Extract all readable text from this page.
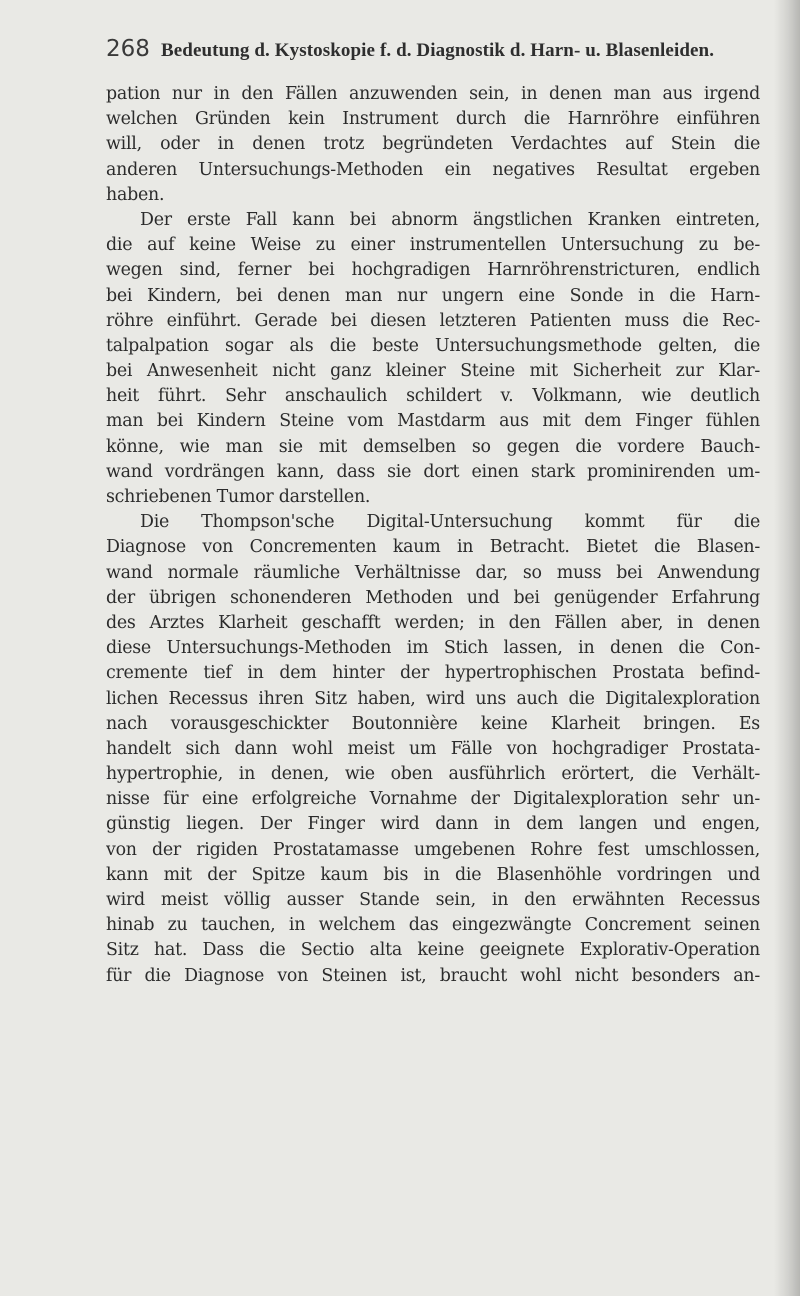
268 Bedeutung d. Kystoskopie f. d. Diagnostik d. Harn- u. Blasenleiden.
pation nur in den Fällen anzuwenden sein, in denen man aus irgend
welchen Gründen kein Instrument durch die Harnröhre einführen
will, oder in denen trotz begründeten Verdachtes auf Stein die
anderen Untersuchungs-Methoden ein negatives Resultat ergeben
haben.
Der erste Fall kann bei abnorm ängstlichen Kranken eintreten,
die auf keine Weise zu einer instrumentellen Untersuchung zu be-
wegen sind, ferner bei hochgradigen Harnröhrenstricturen, endlich
bei Kindern, bei denen man nur ungern eine Sonde in die Harn-
röhre einführt. Gerade bei diesen letzteren Patienten muss die Rec-
talpalpation sogar als die beste Untersuchungsmethode gelten, die
bei Anwesenheit nicht ganz kleiner Steine mit Sicherheit zur Klar-
heit führt. Sehr anschaulich schildert v. Volkmann, wie deutlich
man bei Kindern Steine vom Mastdarm aus mit dem Finger fühlen
könne, wie man sie mit demselben so gegen die vordere Bauch-
wand vordrängen kann, dass sie dort einen stark prominirenden um-
schriebenen Tumor darstellen.
Die Thompson'sche Digital-Untersuchung kommt für die
Diagnose von Concrementen kaum in Betracht. Bietet die Blasen-
wand normale räumliche Verhältnisse dar, so muss bei Anwendung
der übrigen schonenderen Methoden und bei genügender Erfahrung
des Arztes Klarheit geschafft werden; in den Fällen aber, in denen
diese Untersuchungs-Methoden im Stich lassen, in denen die Con-
cremente tief in dem hinter der hypertrophischen Prostata befind-
lichen Recessus ihren Sitz haben, wird uns auch die Digitalexploration
nach vorausgeschickter Boutonnière keine Klarheit bringen. Es
handelt sich dann wohl meist um Fälle von hochgradiger Prostata-
hypertrophie, in denen, wie oben ausführlich erörtert, die Verhält-
nisse für eine erfolgreiche Vornahme der Digitalexploration sehr un-
günstig liegen. Der Finger wird dann in dem langen und engen,
von der rigiden Prostatamasse umgebenen Rohre fest umschlossen,
kann mit der Spitze kaum bis in die Blasenhöhle vordringen und
wird meist völlig ausser Stande sein, in den erwähnten Recessus
hinab zu tauchen, in welchem das eingezwängte Concrement seinen
Sitz hat. Dass die Sectio alta keine geeignete Explorativ-Operation
für die Diagnose von Steinen ist, braucht wohl nicht besonders an-
